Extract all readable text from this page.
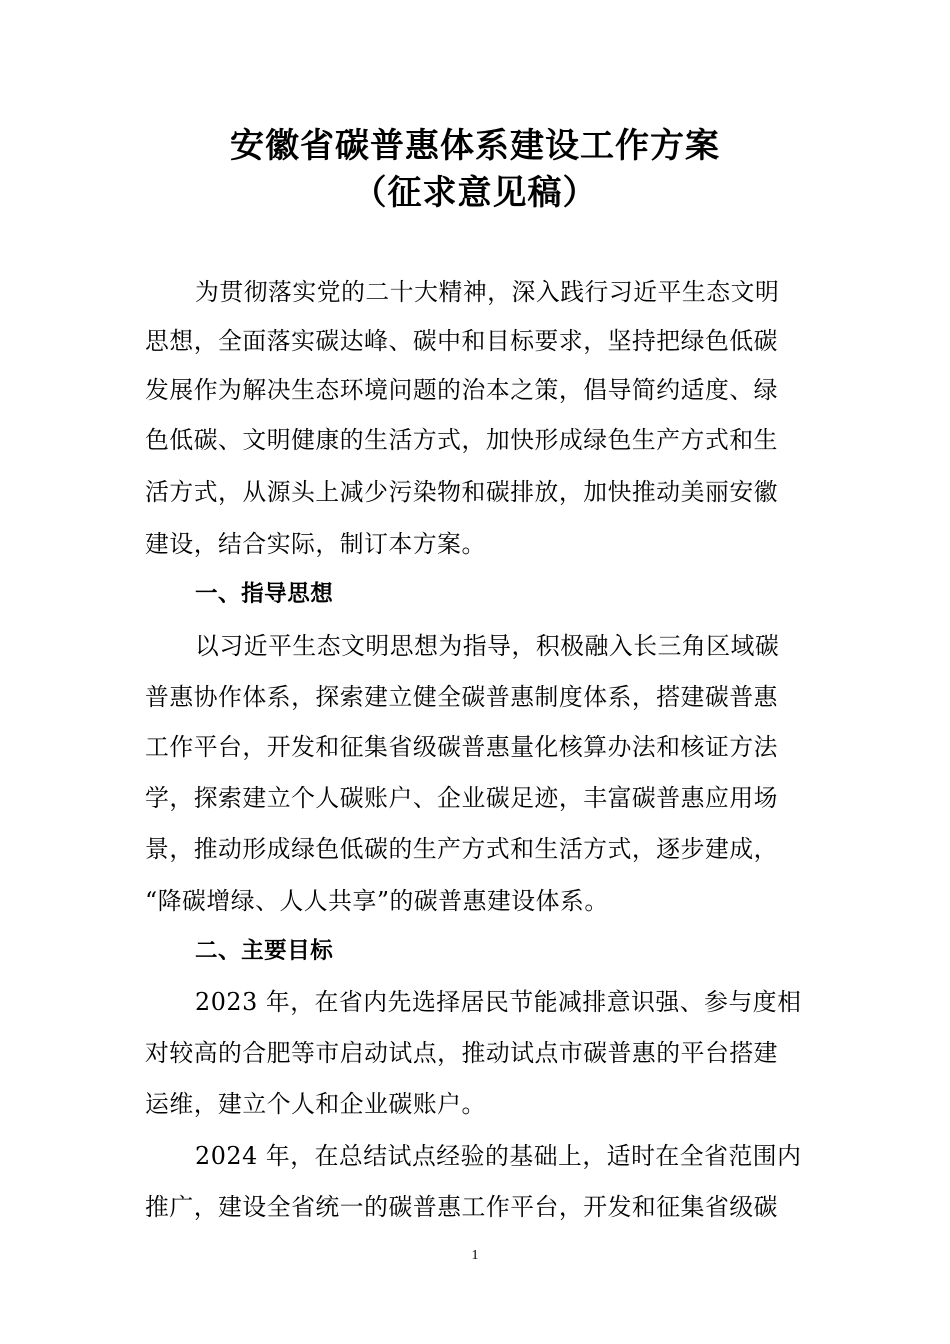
安徽省碳普惠体系建设工作方案
（征求意见稿）
为贯彻落实党的二十大精神，深入践行习近平生态文明
思想，全面落实碳达峰、碳中和目标要求，坚持把绿色低碳
发展作为解决生态环境问题的治本之策，倡导简约适度、绿
色低碳、文明健康的生活方式，加快形成绿色生产方式和生
活方式，从源头上减少污染物和碳排放，加快推动美丽安徽
建设，结合实际，制订本方案。
一、指导思想
以习近平生态文明思想为指导，积极融入长三角区域碳
普惠协作体系，探索建立健全碳普惠制度体系，搭建碳普惠
工作平台，开发和征集省级碳普惠量化核算办法和核证方法
学，探索建立个人碳账户、企业碳足迹，丰富碳普惠应用场
景，推动形成绿色低碳的生产方式和生活方式，逐步建成，
“降碳增绿、人人共享”的碳普惠建设体系。
二、主要目标
2023 年，在省内先选择居民节能减排意识强、参与度相
对较高的合肥等市启动试点，推动试点市碳普惠的平台搭建
运维，建立个人和企业碳账户。
2024 年，在总结试点经验的基础上，适时在全省范围内
推广，建设全省统一的碳普惠工作平台，开发和征集省级碳
1
